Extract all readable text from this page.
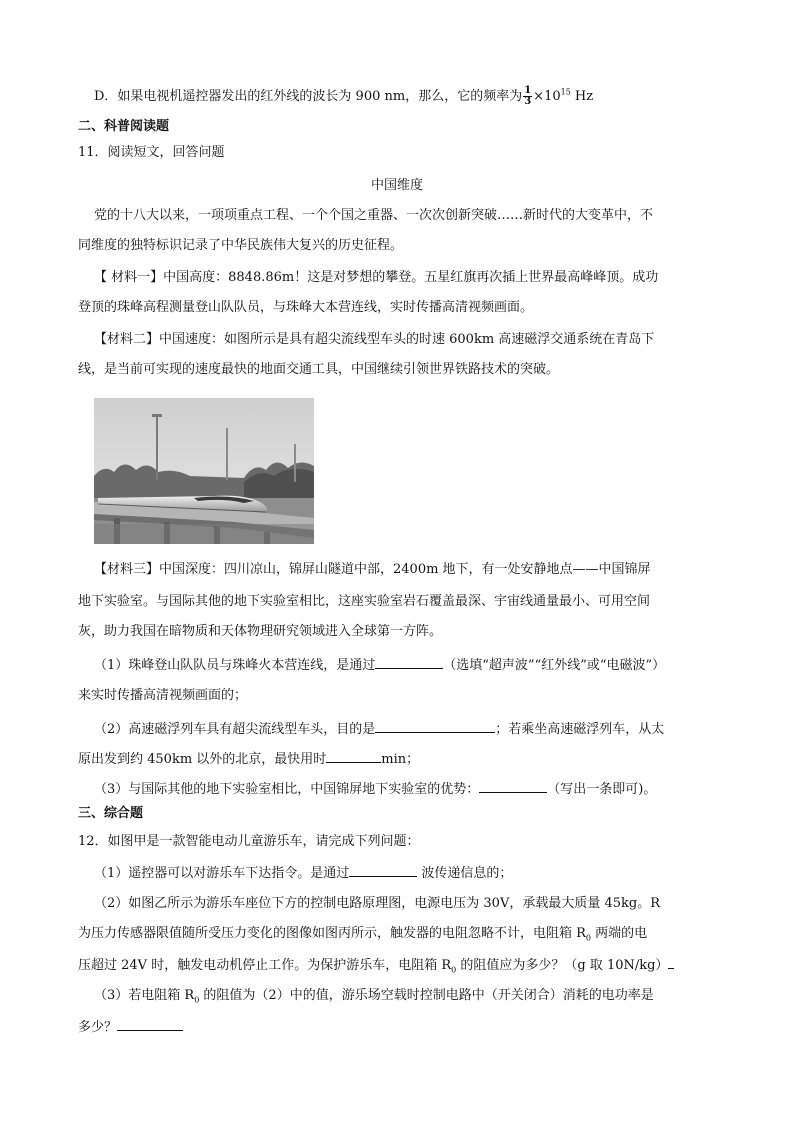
D．如果电视机遥控器发出的红外线的波长为 900 nm，那么，它的频率为 $\frac{1}{3} \times 10^{15}$ Hz
二、科普阅读题
11．阅读短文，回答问题
中国维度
党的十八大以来，一项项重点工程、一个个国之重器、一次次创新突破……新时代的大变革中，不
同维度的独特标识记录了中华民族伟大复兴的历史征程。
【 材料一】中国高度：8848.86m！这是对梦想的攀登。五星红旗再次插上世界最高峰峰顶。成功
登顶的珠峰高程测量登山队队员，与珠峰大本营连线，实时传播高清视频画面。
【材料二】中国速度：如图所示是具有超尖流线型车头的时速 600km 高速磁浮交通系统在青岛下
线，是当前可实现的速度最快的地面交通工具，中国继续引领世界铁路技术的突破。
【材料三】中国深度：四川凉山，锦屏山隧道中部，2400m 地下，有一处安静地点——中国锦屏
地下实验室。与国际其他的地下实验室相比，这座实验室岩石覆盖最深、宇宙线通量最小、可用空间
灰，助力我国在暗物质和天体物理研究领域进入全球第一方阵。
（1）珠峰登山队队员与珠峰火本营连线，是通过	（选填“超声波”“红外线”或“电磁波”）
来实时传播高清视频画面的；
（2）高速磁浮列车具有超尖流线型车头，目的是	；若乘坐高速磁浮列车，从太
原出发到约 450km 以外的北京，最快用时	min；
（3）与国际其他的地下实验室相比，中国锦屏地下实验室的优势：	（写出一条即可)。
三、综合题
12．如图甲是一款智能电动儿童游乐车，请完成下列问题：
（1）遥控器可以对游乐车下达指令。是通过	波传递信息的；
（2）如图乙所示为游乐车座位下方的控制电路原理图，电源电压为 30V，承载最大质量 45kg。R
为压力传感器限值随所受压力变化的图像如图丙所示，触发器的电阻忽略不计，电阻箱 $R_0$ 两端的电
压超过 24V 时，触发电动机停止工作。为保护游乐车，电阻箱 $R_0$ 的阻值应为多少？（g 取 10N/kg）
（3）若电阻箱 $R_0$ 的阻值为（2）中的值，游乐场空载时控制电路中（开关闭合）消耗的电功率是
多少？
